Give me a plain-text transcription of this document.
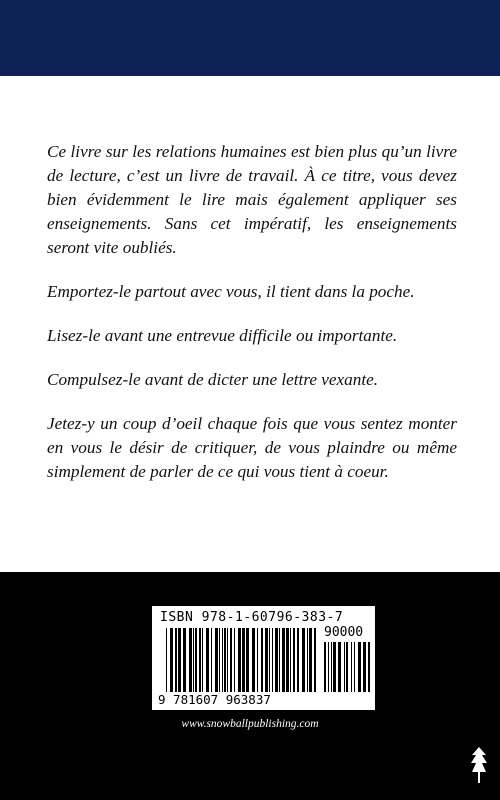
Ce livre sur les relations humaines est bien plus qu’un livre de lecture, c’est un livre de travail. À ce titre, vous devez bien évidemment le lire mais également appliquer ses enseignements. Sans cet impératif, les enseignements seront vite oubliés.

Emportez-le partout avec vous, il tient dans la poche.

Lisez-le avant une entrevue difficile ou importante.

Compulsez-le avant de dicter une lettre vexante.

Jetez-y un coup d’oeil chaque fois que vous sentez monter en vous le désir de critiquer, de vous plaindre ou même simplement de parler de ce qui vous tient à coeur.

ISBN 978-1-60796-383-7
90000
9 781607 963837
www.snowballpublishing.com
